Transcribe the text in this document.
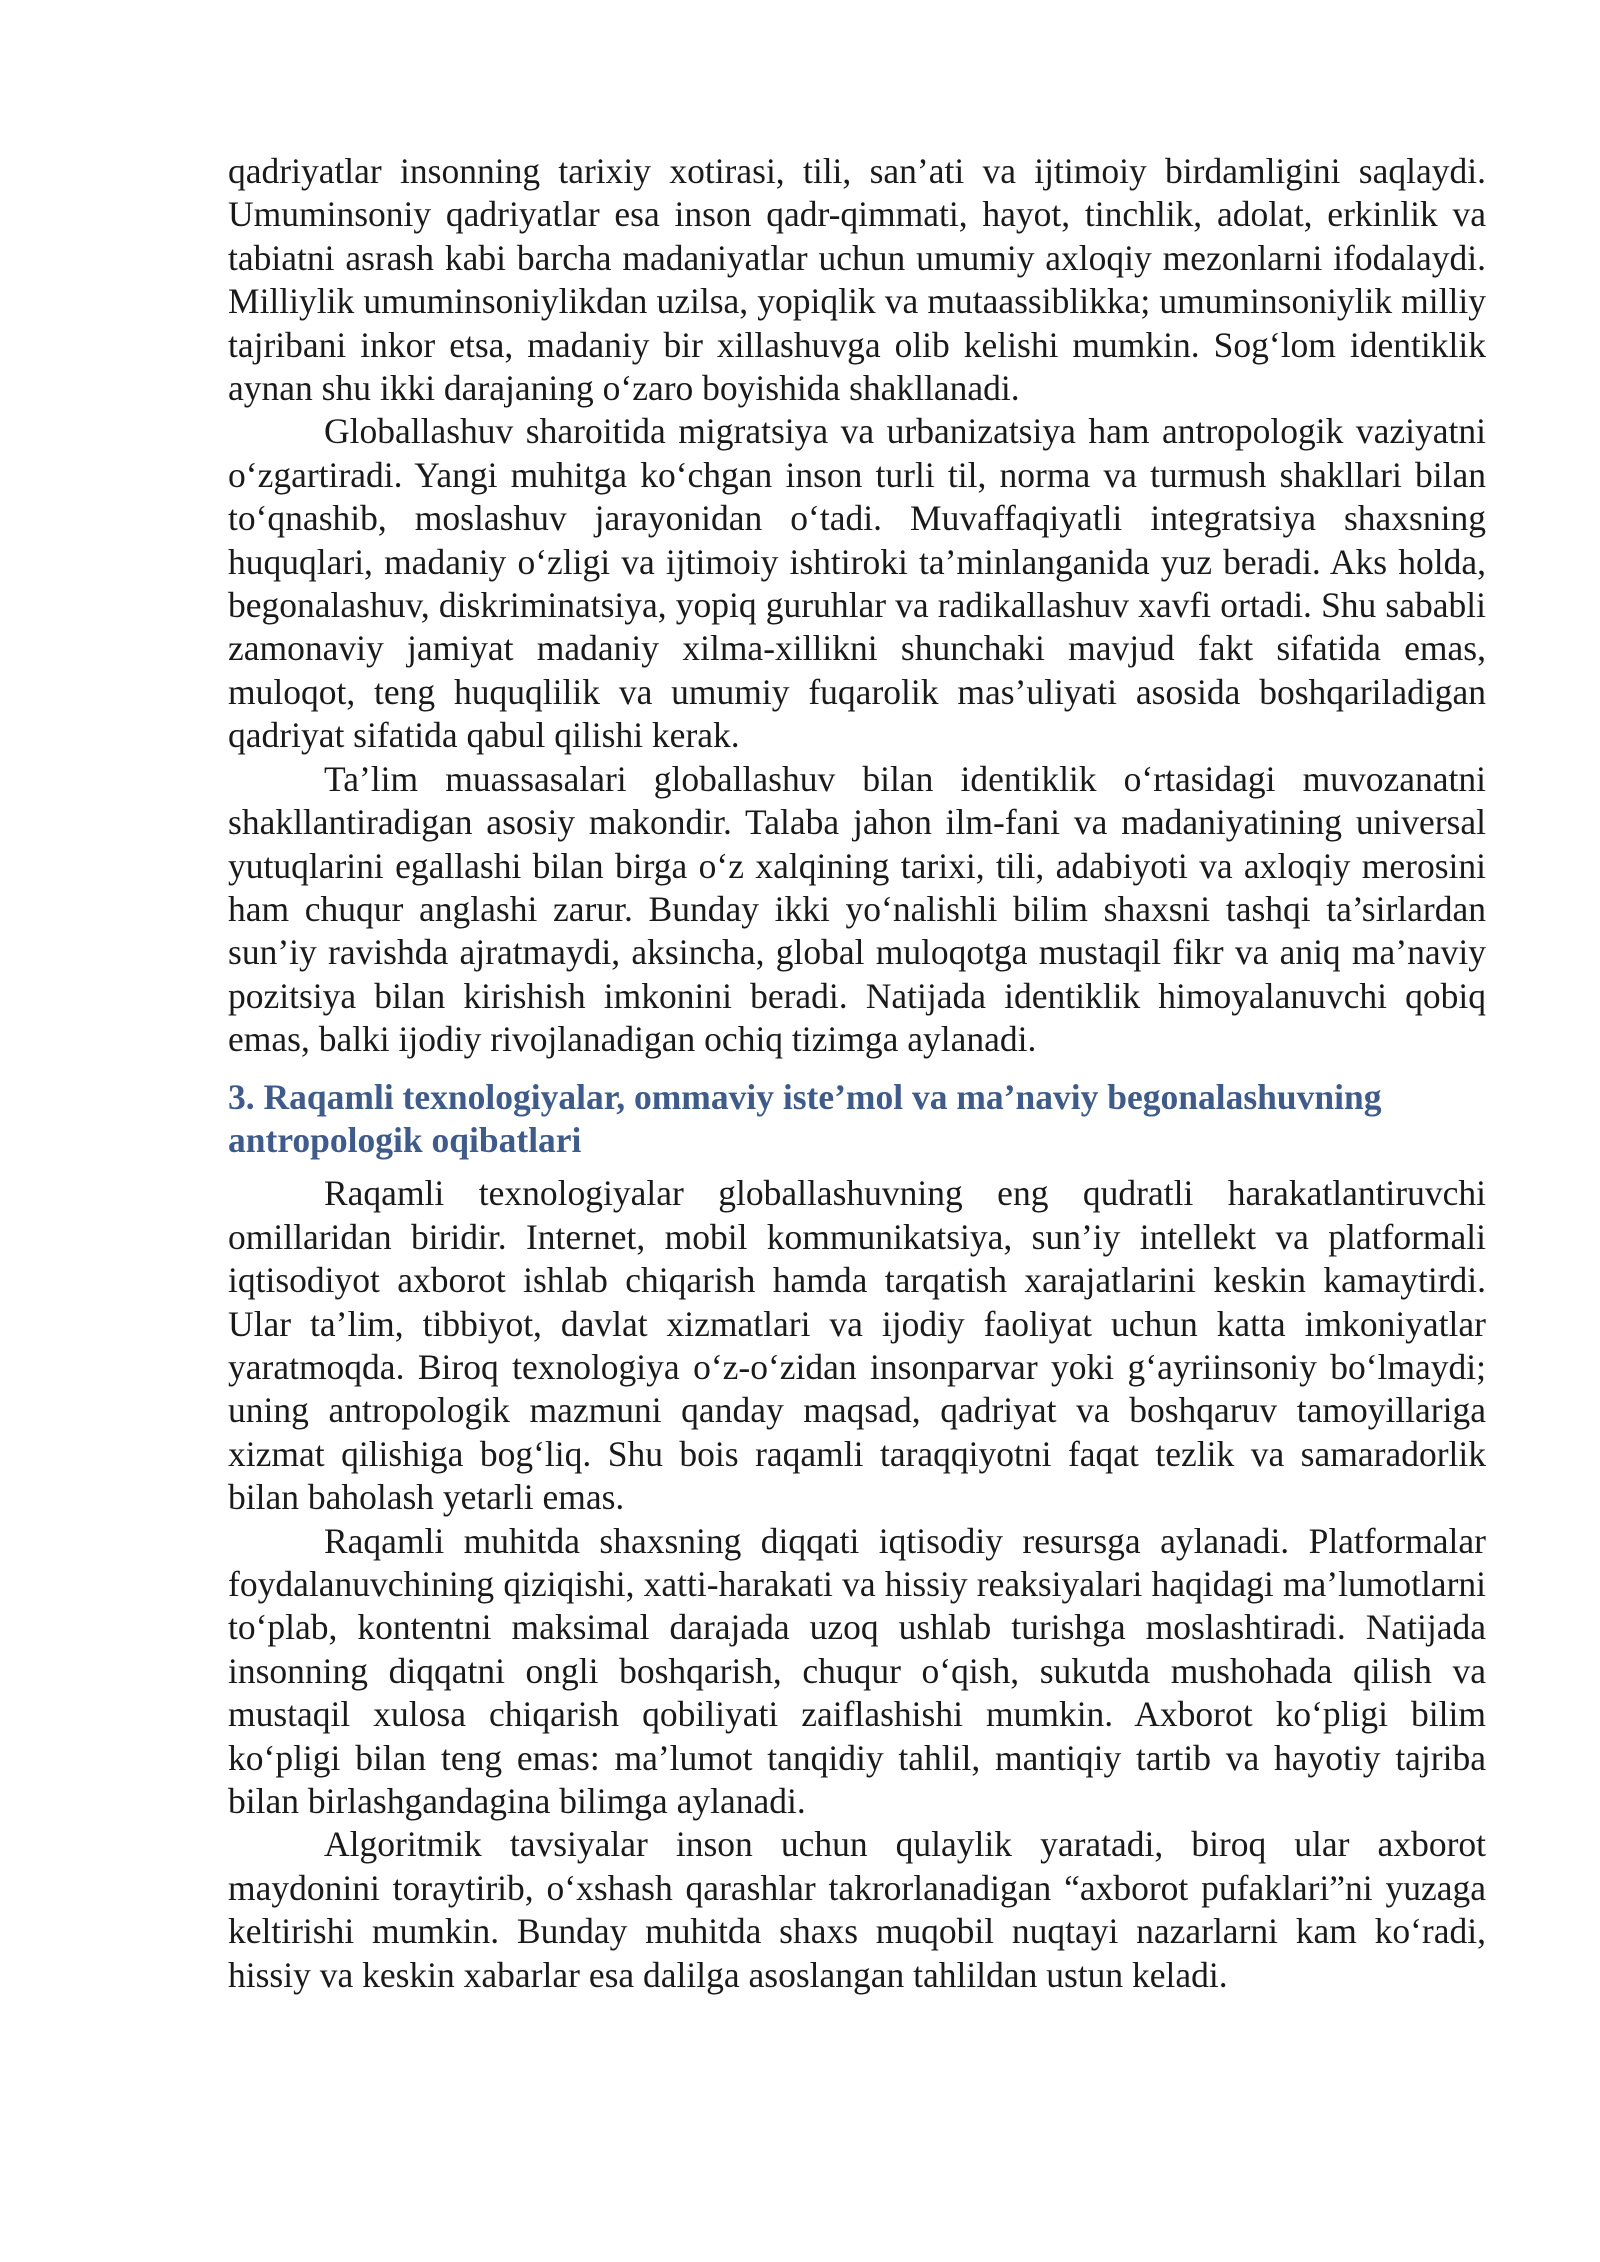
qadriyatlar insonning tarixiy xotirasi, tili, san’ati va ijtimoiy birdamligini saqlaydi. Umuminsoniy qadriyatlar esa inson qadr-qimmati, hayot, tinchlik, adolat, erkinlik va tabiatni asrash kabi barcha madaniyatlar uchun umumiy axloqiy mezonlarni ifodalaydi. Milliylik umuminsoniylikdan uzilsa, yopiqlik va mutaassiblikka; umuminsoniylik milliy tajribani inkor etsa, madaniy bir xillashuvga olib kelishi mumkin. Sog‘lom identiklik aynan shu ikki darajaning o‘zaro boyishida shakllanadi.

Globallashuv sharoitida migratsiya va urbanizatsiya ham antropologik vaziyatni o‘zgartiradi. Yangi muhitga ko‘chgan inson turli til, norma va turmush shakllari bilan to‘qnashib, moslashuv jarayonidan o‘tadi. Muvaffaqiyatli integratsiya shaxsning huquqlari, madaniy o‘zligi va ijtimoiy ishtiroki ta’minlanganida yuz beradi. Aks holda, begonalashuv, diskriminatsiya, yopiq guruhlar va radikallashuv xavfi ortadi. Shu sababli zamonaviy jamiyat madaniy xilma-xillikni shunchaki mavjud fakt sifatida emas, muloqot, teng huquqlilik va umumiy fuqarolik mas’uliyati asosida boshqariladigan qadriyat sifatida qabul qilishi kerak.

Ta’lim muassasalari globallashuv bilan identiklik o‘rtasidagi muvozanatni shakllantiradigan asosiy makondir. Talaba jahon ilm-fani va madaniyatining universal yutuqlarini egallashi bilan birga o‘z xalqining tarixi, tili, adabiyoti va axloqiy merosini ham chuqur anglashi zarur. Bunday ikki yo‘nalishli bilim shaxsni tashqi ta’sirlardan sun’iy ravishda ajratmaydi, aksincha, global muloqotga mustaqil fikr va aniq ma’naviy pozitsiya bilan kirishish imkonini beradi. Natijada identiklik himoyalanuvchi qobiq emas, balki ijodiy rivojlanadigan ochiq tizimga aylanadi.

3. Raqamli texnologiyalar, ommaviy iste’mol va ma’naviy begonalashuvning antropologik oqibatlari

Raqamli texnologiyalar globallashuvning eng qudratli harakatlantiruvchi omillaridan biridir. Internet, mobil kommunikatsiya, sun’iy intellekt va platformali iqtisodiyot axborot ishlab chiqarish hamda tarqatish xarajatlarini keskin kamaytirdi. Ular ta’lim, tibbiyot, davlat xizmatlari va ijodiy faoliyat uchun katta imkoniyatlar yaratmoqda. Biroq texnologiya o‘z-o‘zidan insonparvar yoki g‘ayriinsoniy bo‘lmaydi; uning antropologik mazmuni qanday maqsad, qadriyat va boshqaruv tamoyillariga xizmat qilishiga bog‘liq. Shu bois raqamli taraqqiyotni faqat tezlik va samaradorlik bilan baholash yetarli emas.

Raqamli muhitda shaxsning diqqati iqtisodiy resursga aylanadi. Platformalar foydalanuvchining qiziqishi, xatti-harakati va hissiy reaksiyalari haqidagi ma’lumotlarni to‘plab, kontentni maksimal darajada uzoq ushlab turishga moslashtiradi. Natijada insonning diqqatni ongli boshqarish, chuqur o‘qish, sukutda mushohada qilish va mustaqil xulosa chiqarish qobiliyati zaiflashishi mumkin. Axborot ko‘pligi bilim ko‘pligi bilan teng emas: ma’lumot tanqidiy tahlil, mantiqiy tartib va hayotiy tajriba bilan birlashgandagina bilimga aylanadi.

Algoritmik tavsiyalar inson uchun qulaylik yaratadi, biroq ular axborot maydonini toraytirib, o‘xshash qarashlar takrorlanadigan “axborot pufaklari”ni yuzaga keltirishi mumkin. Bunday muhitda shaxs muqobil nuqtayi nazarlarni kam ko‘radi, hissiy va keskin xabarlar esa dalilga asoslangan tahlildan ustun keladi.
